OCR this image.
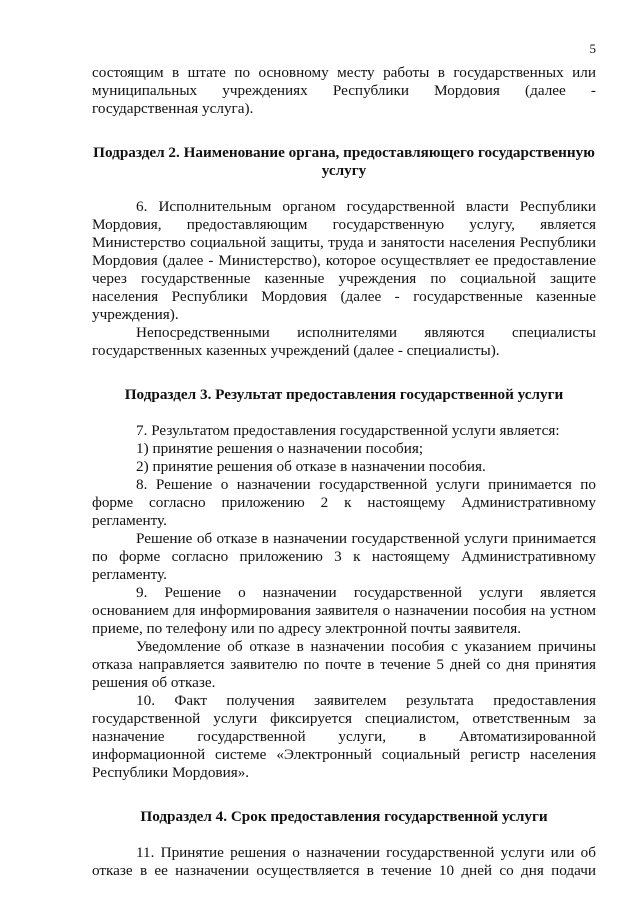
5

состоящим в штате по основному месту работы в государственных или муниципальных учреждениях Республики Мордовия (далее - государственная услуга).

Подраздел 2. Наименование органа, предоставляющего государственную услугу

6. Исполнительным органом государственной власти Республики Мордовия, предоставляющим государственную услугу, является Министерство социальной защиты, труда и занятости населения Республики Мордовия (далее - Министерство), которое осуществляет ее предоставление через государственные казенные учреждения по социальной защите населения Республики Мордовия (далее - государственные казенные учреждения).

Непосредственными исполнителями являются специалисты государственных казенных учреждений (далее - специалисты).

Подраздел 3. Результат предоставления государственной услуги

7. Результатом предоставления государственной услуги является:

1) принятие решения о назначении пособия;

2) принятие решения об отказе в назначении пособия.

8. Решение о назначении государственной услуги принимается по форме согласно приложению 2 к настоящему Административному регламенту.

Решение об отказе в назначении государственной услуги принимается по форме согласно приложению 3 к настоящему Административному регламенту.

9. Решение о назначении государственной услуги является основанием для информирования заявителя о назначении пособия на устном приеме, по телефону или по адресу электронной почты заявителя.

Уведомление об отказе в назначении пособия с указанием причины отказа направляется заявителю по почте в течение 5 дней со дня принятия решения об отказе.

10. Факт получения заявителем результата предоставления государственной услуги фиксируется специалистом, ответственным за назначение государственной услуги, в Автоматизированной информационной системе «Электронный социальный регистр населения Республики Мордовия».

Подраздел 4. Срок предоставления государственной услуги

11. Принятие решения о назначении государственной услуги или об отказе в ее назначении осуществляется в течение 10 дней со дня подачи
